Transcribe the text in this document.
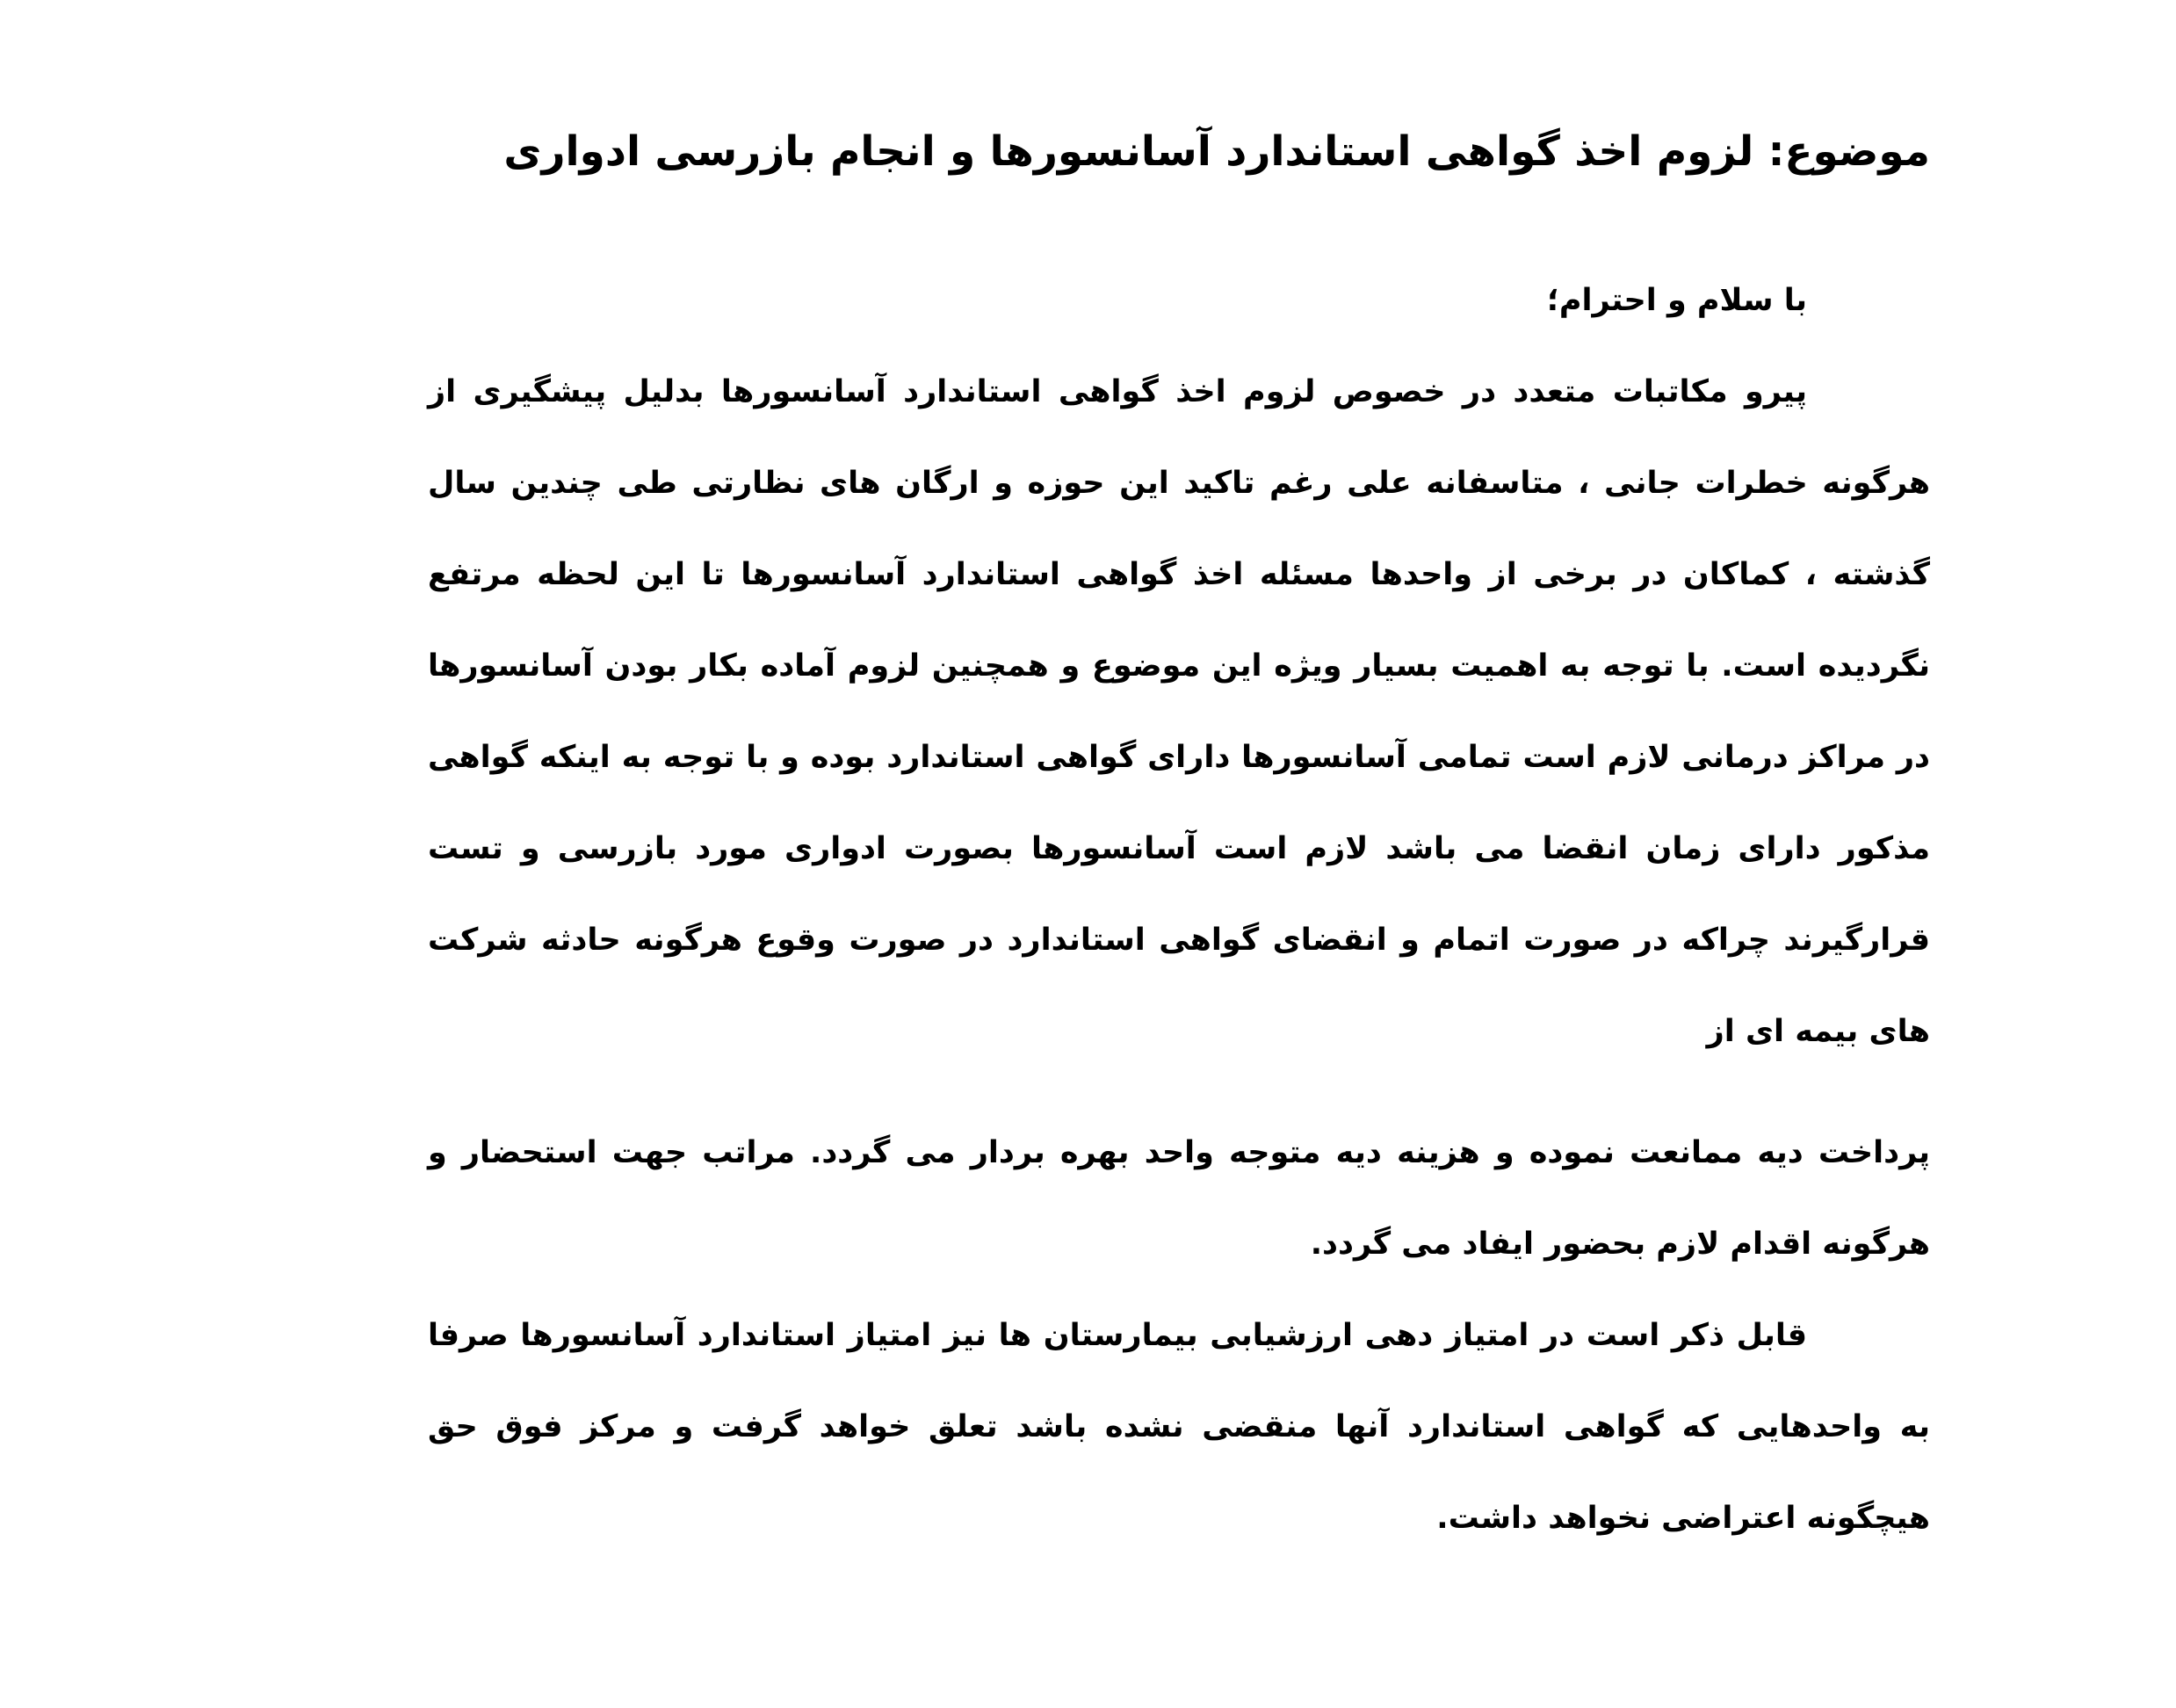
موضوع: لزوم اخذ گواهی استاندارد آسانسورها و انجام بازرسی ادواری

با سلام و احترام؛

پیرو مکاتبات متعدد در خصوص لزوم اخذ گواهی استاندارد آسانسورها بدلیل پیشگیری از هرگونه خطرات جانی ، متاسفانه علی رغم تاکید این حوزه و ارگان های نظارتی طی چندین سال گذشته ، کماکان در برخی از واحدها مسئله اخذ گواهی استاندارد آسانسورها تا این لحظه مرتفع نگردیده است. با توجه به اهمیت بسیار ویژه این موضوع و همچنین لزوم آماده بکار بودن آسانسورها در مراکز درمانی لازم است تمامی آسانسورها دارای گواهی استاندارد بوده و با توجه به اینکه گواهی مذکور دارای زمان انقضا می باشد لازم است آسانسورها بصورت ادواری مورد بازرسی و تست قرارگیرند چراکه در صورت اتمام و انقضای گواهی استاندارد در صورت وقوع هرگونه حادثه شرکت های بیمه ای از

پرداخت دیه ممانعت نموده و هزینه دیه متوجه واحد بهره بردار می گردد. مراتب جهت استحضار و هرگونه اقدام لازم بحضور ایفاد می گردد.

قابل ذکر است در امتیاز دهی ارزشیابی بیمارستان ها نیز امتیاز استاندارد آسانسورها صرفا به واحدهایی که گواهی استاندارد آنها منقضی نشده باشد تعلق خواهد گرفت و مرکز فوق حق هیچگونه اعتراضی نخواهد داشت.
